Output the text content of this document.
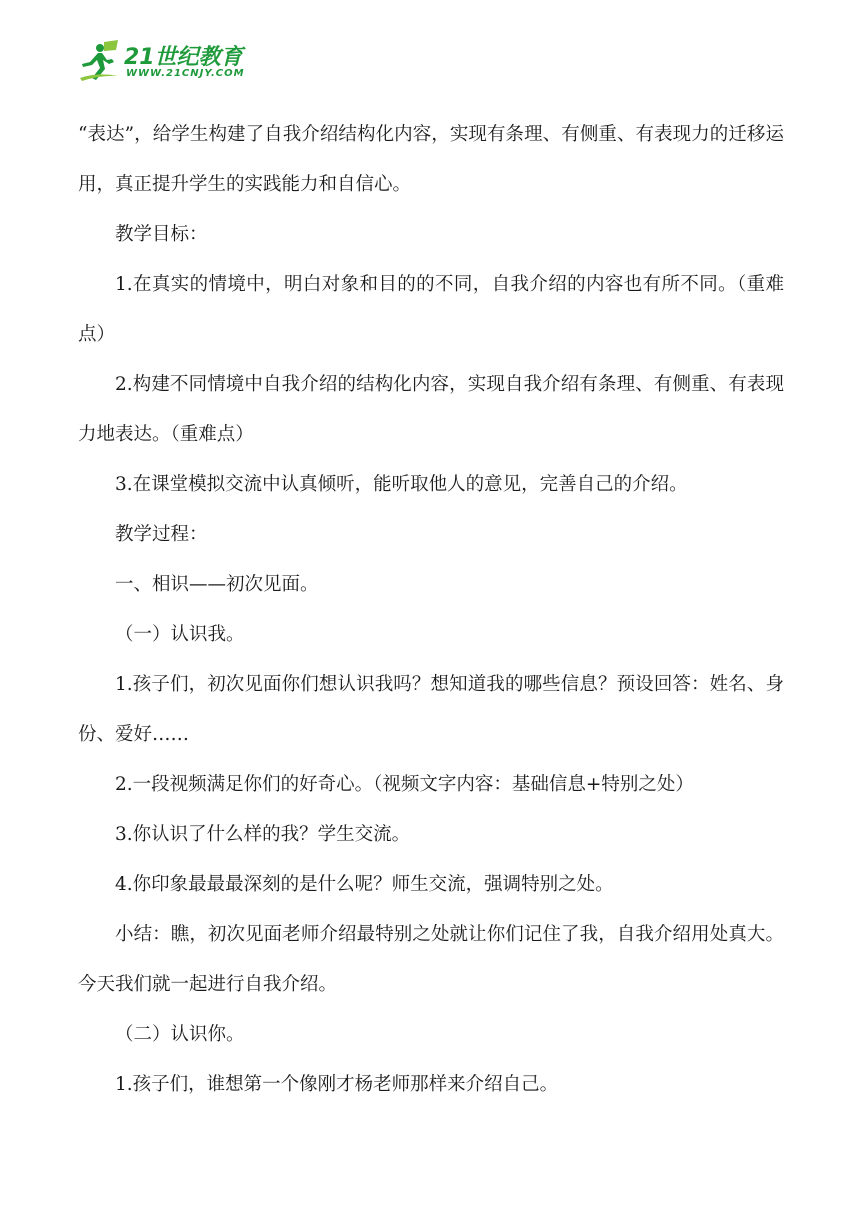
21世纪教育
WWW.21CNJY.COM

“表达”，给学生构建了自我介绍结构化内容，实现有条理、有侧重、有表现力的迁移运用，真正提升学生的实践能力和自信心。

教学目标：

1.在真实的情境中，明白对象和目的的不同，自我介绍的内容也有所不同。（重难点）

2.构建不同情境中自我介绍的结构化内容，实现自我介绍有条理、有侧重、有表现力地表达。（重难点）

3.在课堂模拟交流中认真倾听，能听取他人的意见，完善自己的介绍。

教学过程：

一、相识——初次见面。

（一）认识我。

1.孩子们，初次见面你们想认识我吗？想知道我的哪些信息？预设回答：姓名、身份、爱好……

2.一段视频满足你们的好奇心。（视频文字内容：基础信息+特别之处）

3.你认识了什么样的我？学生交流。

4.你印象最最最深刻的是什么呢？师生交流，强调特别之处。

小结：瞧，初次见面老师介绍最特别之处就让你们记住了我，自我介绍用处真大。今天我们就一起进行自我介绍。

（二）认识你。

1.孩子们，谁想第一个像刚才杨老师那样来介绍自己。
